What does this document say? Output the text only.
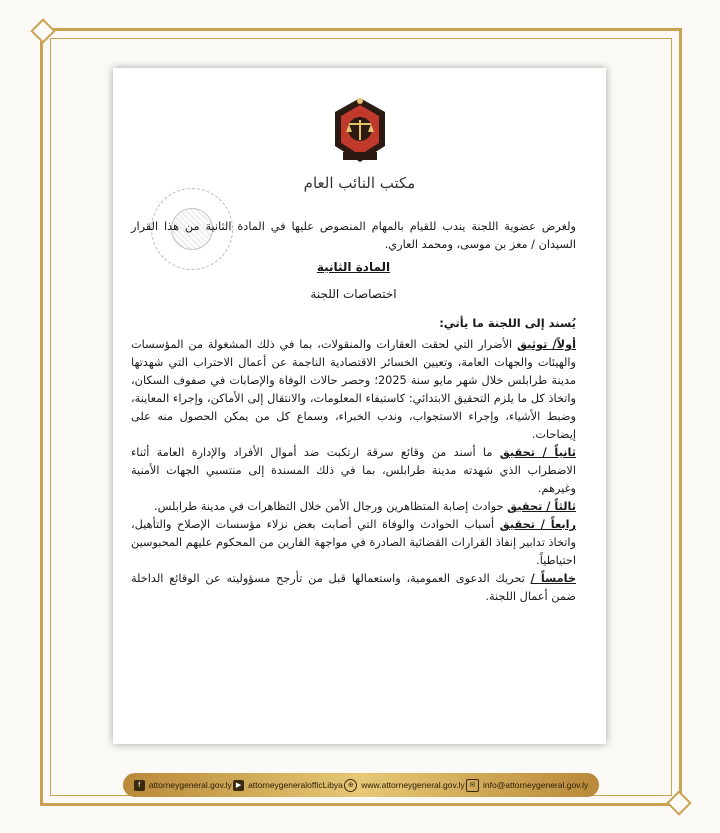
مكتب النائب العام

ولغرض عضوية اللجنة يندب للقيام بالمهام المنصوص عليها في المادة الثانية من هذا القرار السيدان / معز بن موسى، ومحمد العاري.

المادة الثانية

اختصاصات اللجنة

يُسند إلى اللجنة ما يأتي:

أولاً/ توثيق الأضرار التي لحقت العقارات والمنقولات، بما في ذلك المشغولة من المؤسسات والهيئات والجهات العامة، وتعيين الخسائر الاقتصادية الناجمة عن أعمال الاحتراب التي شهدتها مدينة طرابلس خلال شهر مايو سنة 2025؛ وحصر حالات الوفاة والإصابات في صفوف السكان، واتخاذ كل ما يلزم التحقيق الابتدائي: كاستيفاء المعلومات، والانتقال إلى الأماكن، وإجراء المعاينة، وضبط الأشياء، وإجراء الاستجواب، وندب الخبراء، وسماع كل من يمكن الحصول منه على إيضاحات.

ثانياً / تحقيق ما أسند من وقائع سرقة ارتكبت ضد أموال الأفراد والإدارة العامة أثناء الاضطراب الذي شهدته مدينة طرابلس، بما في ذلك المسندة إلى منتسبي الجهات الأمنية وغيرهم.

ثالثاً / تحقيق حوادث إصابة المتظاهرين ورجال الأمن خلال التظاهرات في مدينة طرابلس.

رابعاً / تحقيق أسباب الحوادث والوفاة التي أصابت بعض نزلاء مؤسسات الإصلاح والتأهيل، واتخاذ تدابير إنفاذ القرارات القضائية الصادرة في مواجهة الفارين من المحكوم عليهم المحبوسين احتياطياً.

خامساً / تحريك الدعوى العمومية، واستعمالها قبل من تأرجح مسؤوليته عن الوقائع الداخلة ضمن أعمال اللجنة.

f	attorneygeneral.gov.ly ▶ attorneygeneralofficLibya ⊕ www.attorneygeneral.gov.ly ✉ info@attorneygeneral.gov.ly
